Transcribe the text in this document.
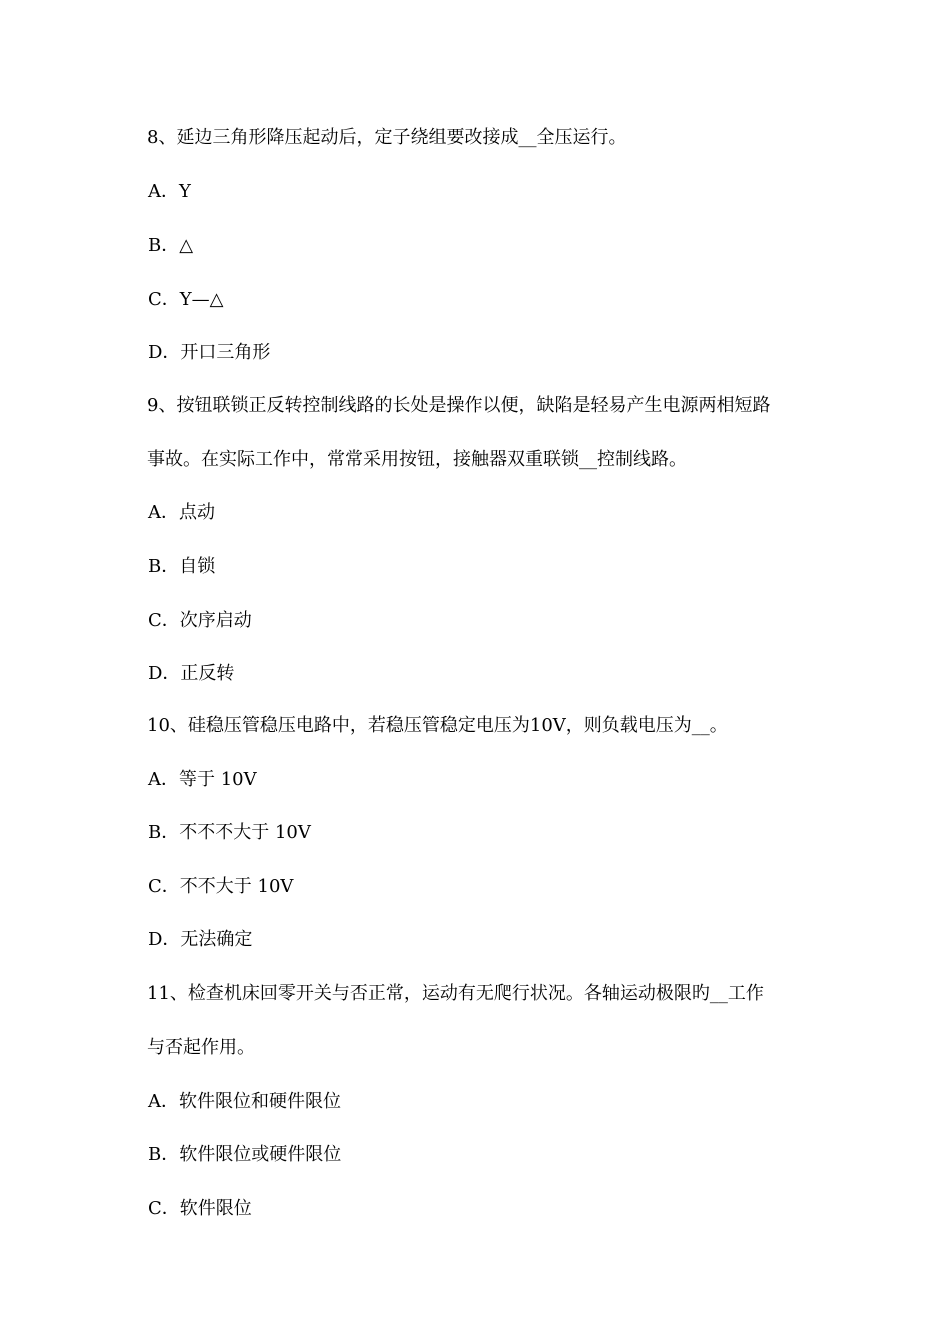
8、延边三角形降压起动后，定子绕组要改接成__全压运行。
A．Y
B．△
C．Y—△
D．开口三角形
9、按钮联锁正反转控制线路的长处是操作以便，缺陷是轻易产生电源两相短路
事故。在实际工作中，常常采用按钮，接触器双重联锁__控制线路。
A．点动
B．自锁
C．次序启动
D．正反转
10、硅稳压管稳压电路中，若稳压管稳定电压为10V，则负载电压为__。
A．等于 10V
B．不不不大于 10V
C．不不大于 10V
D．无法确定
11、检查机床回零开关与否正常，运动有无爬行状况。各轴运动极限旳__工作
与否起作用。
A．软件限位和硬件限位
B．软件限位或硬件限位
C．软件限位
